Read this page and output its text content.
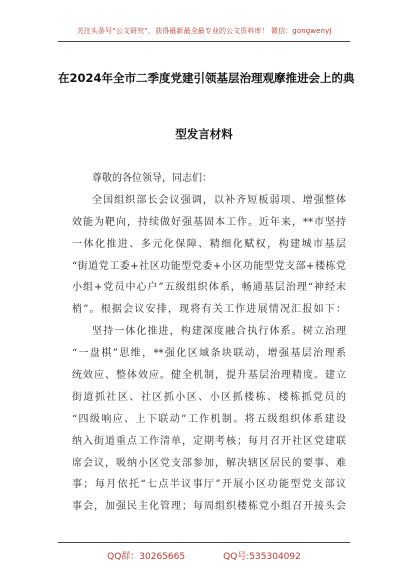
关注头条号“公文研究”，获得最新最全最专业的公文资料库！ 微信：gongwenyj
在2024年全市二季度党建引领基层治理观摩推进会上的典
型发言材料
尊敬的各位领导，同志们：
全国组织部长会议强调，以补齐短板弱项、增强整体
效能为靶向，持续做好强基固本工作。近年来，**市坚持
一体化推进、多元化保障、精细化赋权，构建城市基层
“街道党工委+社区功能型党委+小区功能型党支部+楼栋党
小组+党员中心户”五级组织体系，畅通基层治理“神经末
梢”。根据会议安排，现将有关工作进展情况汇报如下：
坚持一体化推进，构建深度融合执行体系。树立治理
“一盘棋”思维，**强化区域条块联动，增强基层治理系
统效应、整体效应。健全机制，提升基层治理精度。建立
街道抓社区、社区抓小区、小区抓楼栋、楼栋抓党员的
“四级响应、上下联动”工作机制。将五级组织体系建设
纳入街道重点工作清单，定期考核；每月召开社区党建联
席会议，吸纳小区党支部参加，解决辖区居民的要事、难
事；每月依托“七点半议事厅”开展小区功能型党支部议
事会，加强民主化管理；每周组织楼栋党小组召开接头会
QQ群：30265665	QQ号:535304092
